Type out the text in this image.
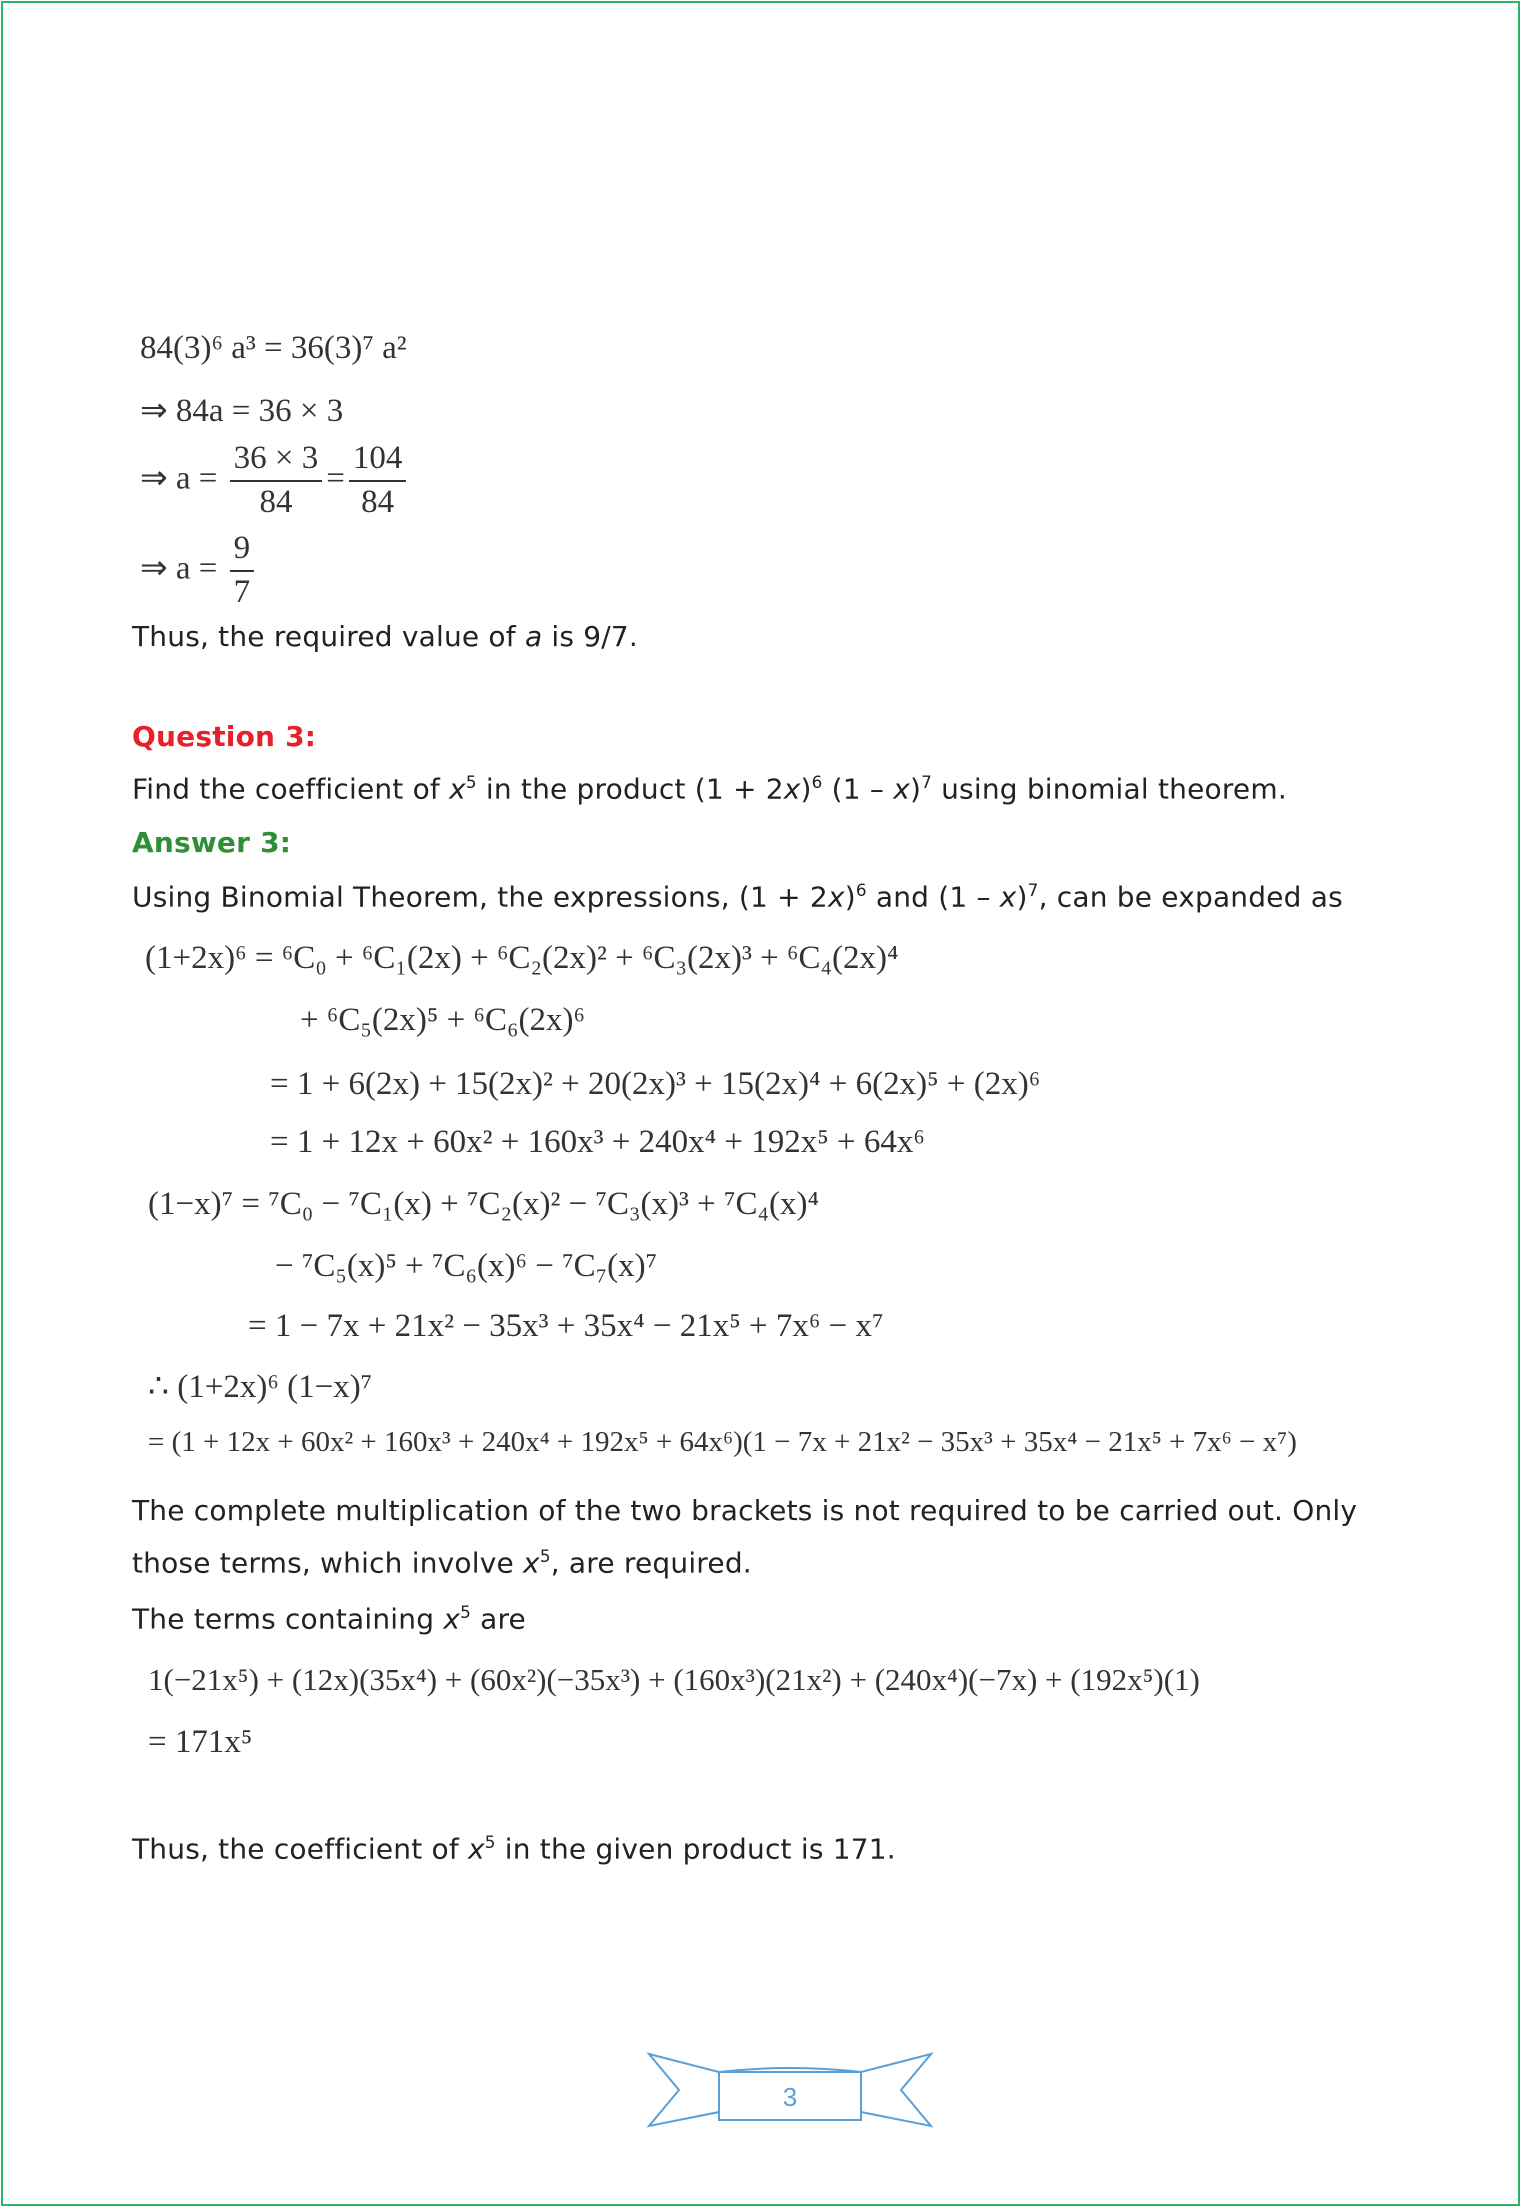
84(3)⁶ a³ = 36(3)⁷ a²

⇒ 84a = 36 × 3

⇒ $a = \frac{36 \times 3}{84} = \frac{104}{84}$
⇒ $a = \frac{9}{7}$

Thus, the required value of a is 9/7.

Question 3:

Find the coefficient of $x^5$ in the product $(1 + 2x)^6$ (1 – x)$^7$ using binomial theorem.

Answer 3:

Using Binomial Theorem, the expressions, $(1 + 2x)^6$ and (1 – x)$^7$, can be expanded as

(1+2x)⁶ = ⁶C₀ + ⁶C₁(2x) + ⁶C₂(2x)² + ⁶C₃(2x)³ + ⁶C₄(2x)⁴

+ ⁶C₅(2x)⁵ + ⁶C₆(2x)⁶

= 1 + 6(2x) + 15(2x)² + 20(2x)³ + 15(2x)⁴ + 6(2x)⁵ + (2x)⁶

= 1 + 12x + 60x² + 160x³ + 240x⁴ + 192x⁵ + 64x⁶

(1−x)⁷ = ⁷C₀ − ⁷C₁(x) + ⁷C₂(x)² − ⁷C₃(x)³ + ⁷C₄(x)⁴

− ⁷C₅(x)⁵ + ⁷C₆(x)⁶ − ⁷C₇(x)⁷

= 1 − 7x + 21x² − 35x³ + 35x⁴ − 21x⁵ + 7x⁶ − x⁷

∴ (1+2x)⁶ (1−x)⁷

= (1 + 12x + 60x² + 160x³ + 240x⁴ + 192x⁵ + 64x⁶)(1 − 7x + 21x² − 35x³ + 35x⁴ − 21x⁵ + 7x⁶ − x⁷)

The complete multiplication of the two brackets is not required to be carried out. Only

those terms, which involve $x^5$, are required.

The terms containing $x^5$ are

1(−21x⁵) + (12x)(35x⁴) + (60x²)(−35x³) + (160x³)(21x²) + (240x⁴)(−7x) + (192x⁵)(1)

= 171x⁵

Thus, the coefficient of $x^5$ in the given product is 171.

3
